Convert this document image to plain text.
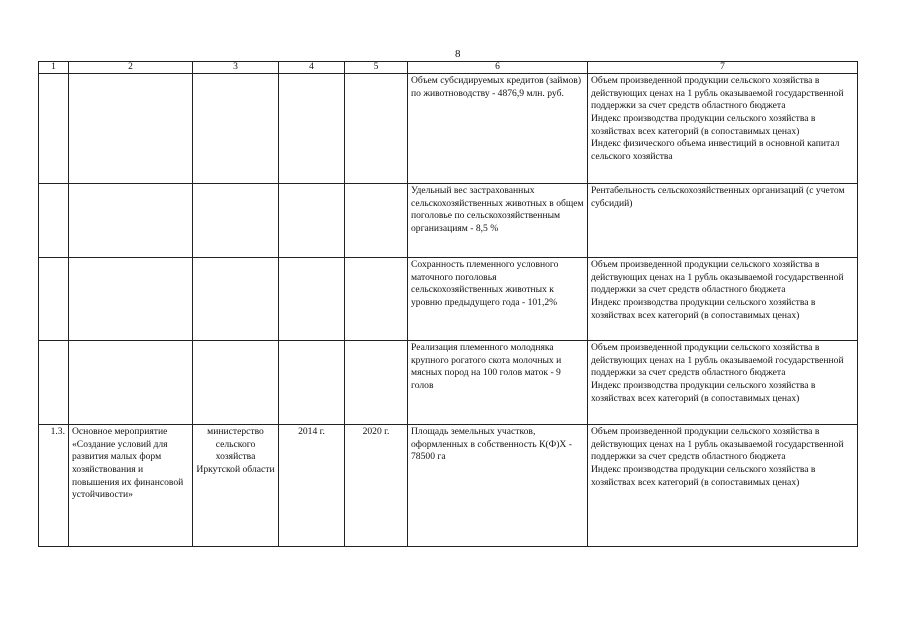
8
1	2	3	4	5	6	7
					Объем субсидируемых кредитов (займов) по животноводству - 4876,9 млн. руб.	Объем произведенной продукции сельского хозяйства в действующих ценах на 1 рубль оказываемой государственной поддержки за счет средств областного бюджета
Индекс производства продукции сельского хозяйства в хозяйствах всех категорий (в сопоставимых ценах)
Индекс физического объема инвестиций в основной капитал сельского хозяйства

					Удельный вес застрахованных сельскохозяйственных животных в общем поголовье по сельскохозяйственным организациям - 8,5 %	Рентабельность сельскохозяйственных организаций (с учетом субсидий)

					Сохранность племенного условного маточного поголовья сельскохозяйственных животных к уровню предыдущего года - 101,2%	Объем произведенной продукции сельского хозяйства в действующих ценах на 1 рубль оказываемой государственной поддержки за счет средств областного бюджета
Индекс производства продукции сельского хозяйства в хозяйствах всех категорий (в сопоставимых ценах)

					Реализация племенного молодняка крупного рогатого скота молочных и мясных пород на 100 голов маток - 9 голов	Объем произведенной продукции сельского хозяйства в действующих ценах на 1 рубль оказываемой государственной поддержки за счет средств областного бюджета
Индекс производства продукции сельского хозяйства в хозяйствах всех категорий (в сопоставимых ценах)

1.3.	Основное мероприятие «Создание условий для развития малых форм хозяйствования и повышения их финансовой устойчивости»	министерство сельского хозяйства Иркутской области	2014 г.	2020 г.	Площадь земельных участков, оформленных в собственность К(Ф)Х - 78500 га	Объем произведенной продукции сельского хозяйства в действующих ценах на 1 рубль оказываемой государственной поддержки за счет средств областного бюджета
Индекс производства продукции сельского хозяйства в хозяйствах всех категорий (в сопоставимых ценах)
